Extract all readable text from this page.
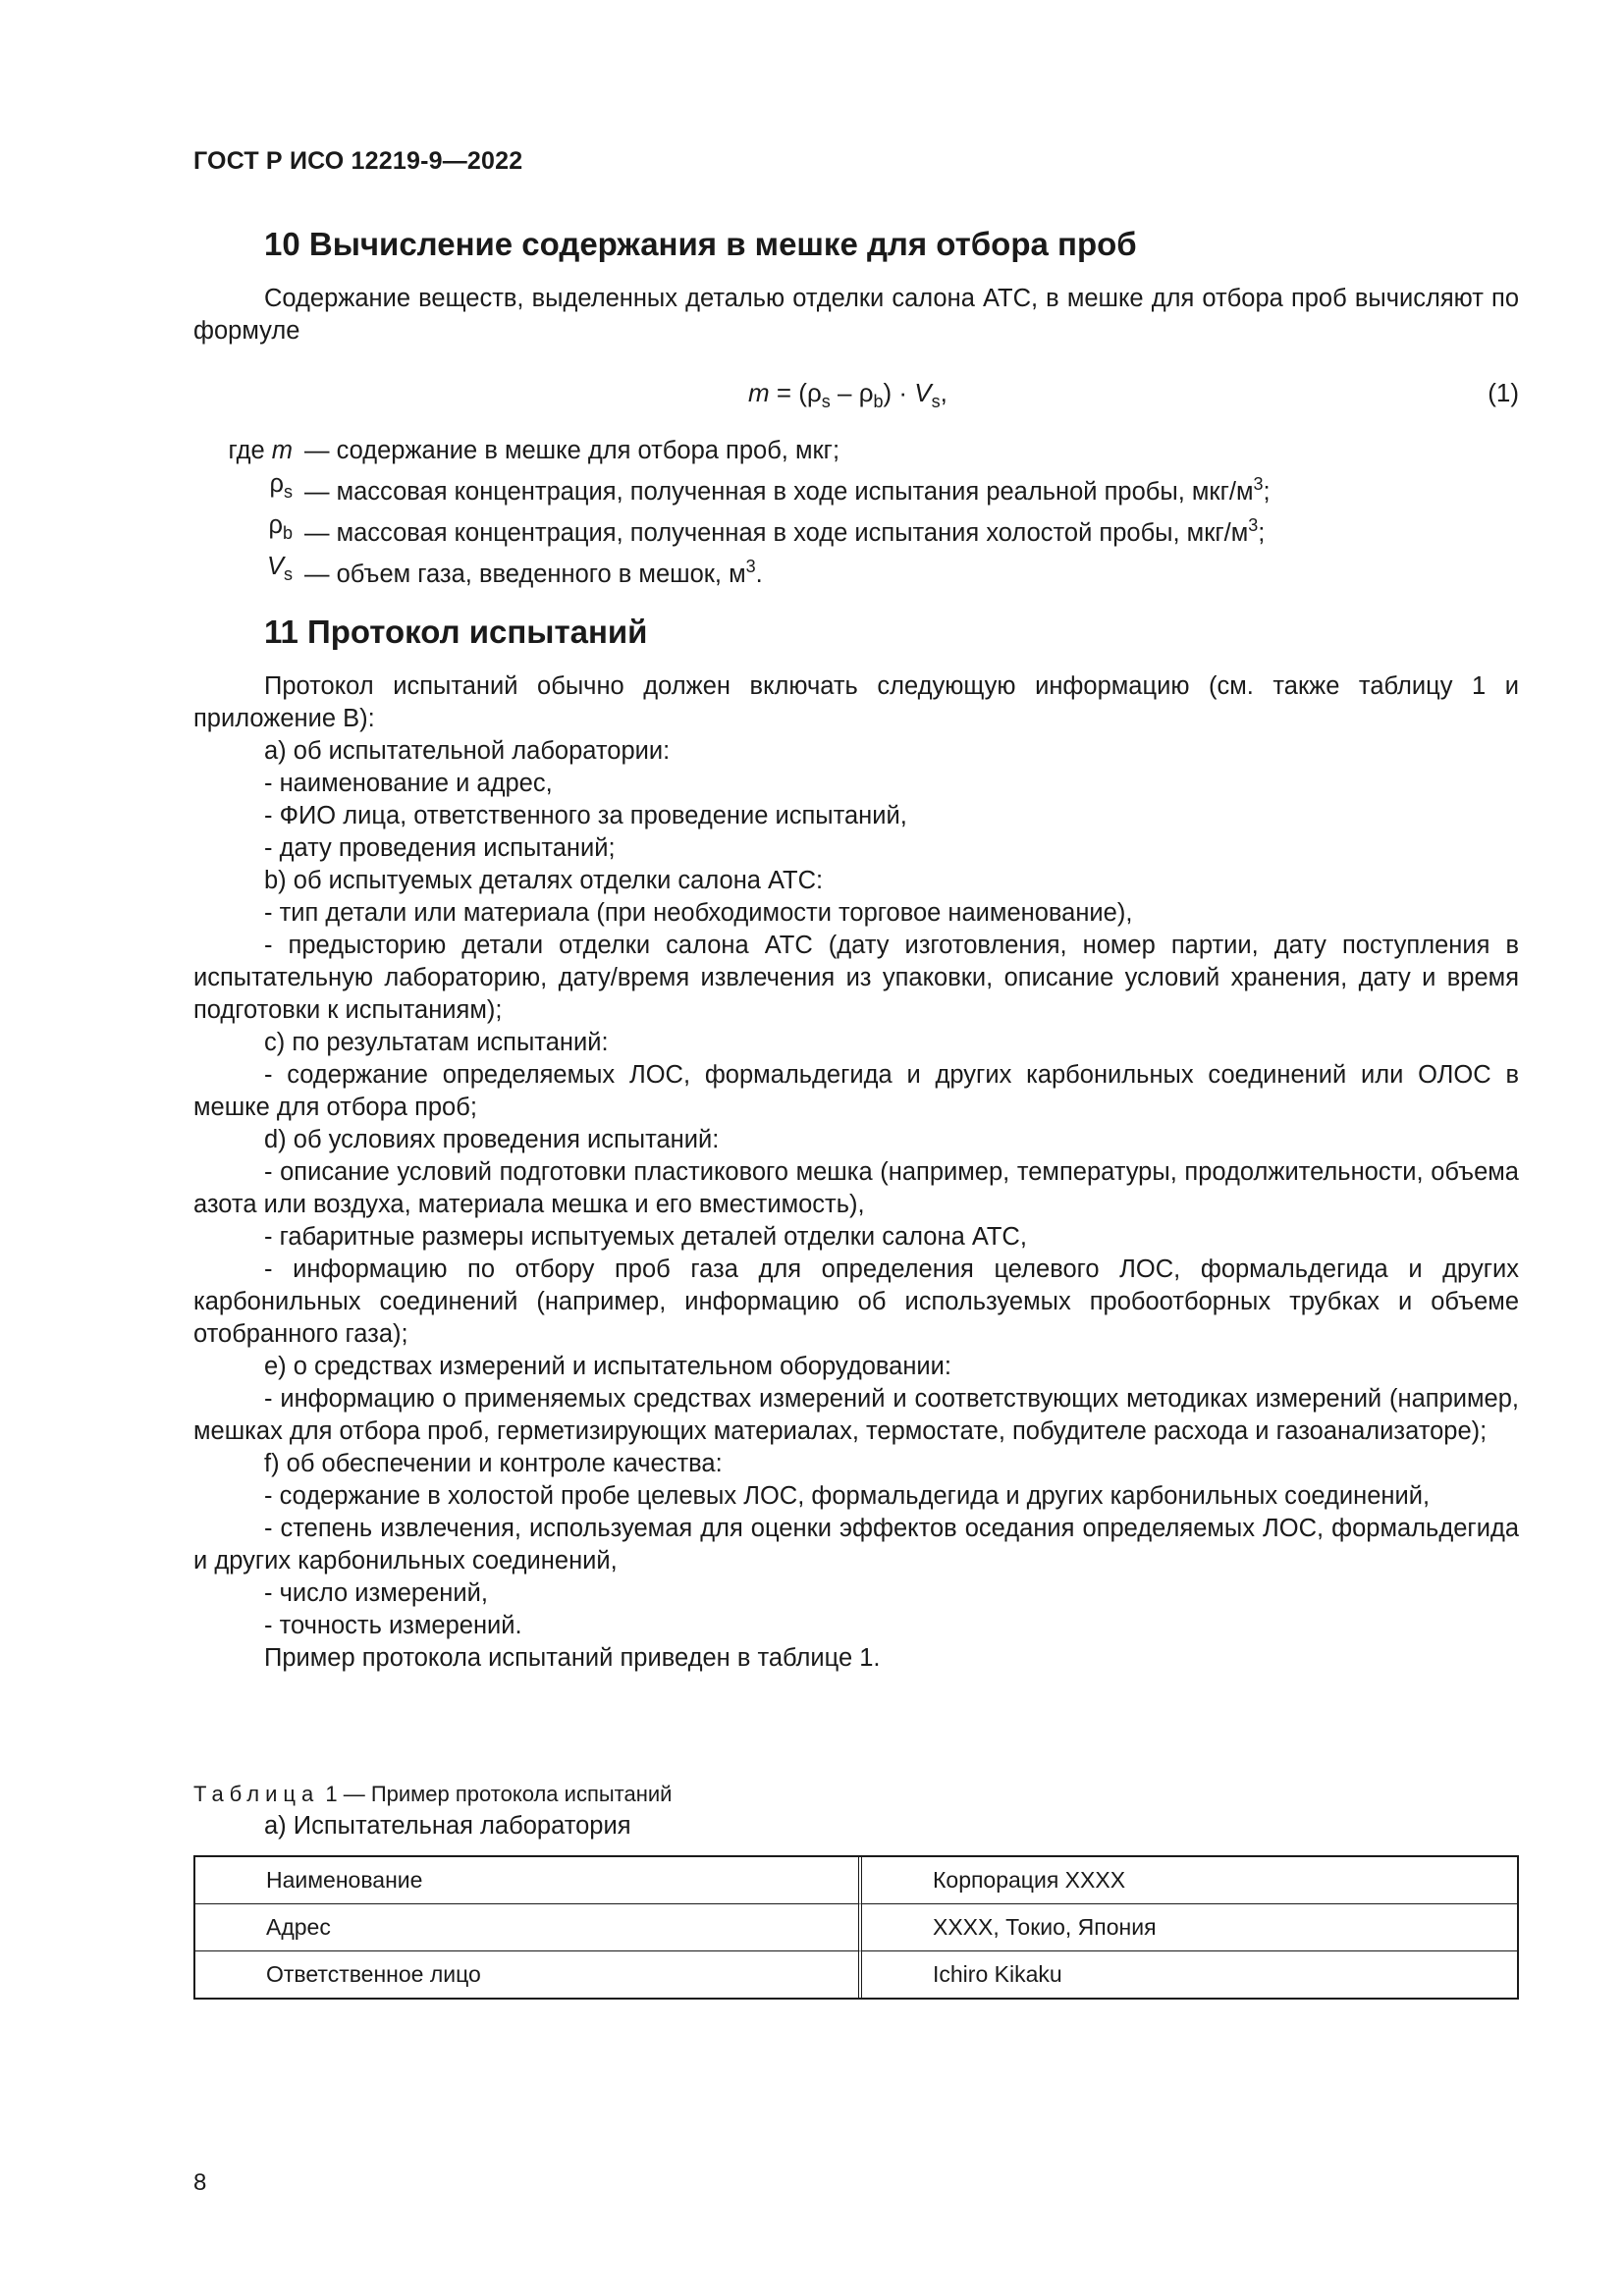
ГОСТ Р ИСО 12219-9—2022
10 Вычисление содержания в мешке для отбора проб
Содержание веществ, выделенных деталью отделки салона АТС, в мешке для отбора проб вычисляют по формуле
$m = (\rho_s - \rho_b) \cdot V_s$,	(1)
где m — содержание в мешке для отбора проб, мкг;
$\rho_s$ — массовая концентрация, полученная в ходе испытания реальной пробы, мкг/$м^3$;
$\rho_b$ — массовая концентрация, полученная в ходе испытания холостой пробы, мкг/$м^3$;
$V_s$ — объем газа, введенного в мешок, $м^3$.
11 Протокол испытаний
Протокол испытаний обычно должен включать следующую информацию (см. также таблицу 1 и приложение В):
a) об испытательной лаборатории:
- наименование и адрес,
- ФИО лица, ответственного за проведение испытаний,
- дату проведения испытаний;
b) об испытуемых деталях отделки салона АТС:
- тип детали или материала (при необходимости торговое наименование),
- предысторию детали отделки салона АТС (дату изготовления, номер партии, дату поступления в испытательную лабораторию, дату/время извлечения из упаковки, описание условий хранения, дату и время подготовки к испытаниям);
c) по результатам испытаний:
- содержание определяемых ЛОС, формальдегида и других карбонильных соединений или ОЛОС в мешке для отбора проб;
d) об условиях проведения испытаний:
- описание условий подготовки пластикового мешка (например, температуры, продолжительности, объема азота или воздуха, материала мешка и его вместимость),
- габаритные размеры испытуемых деталей отделки салона АТС,
- информацию по отбору проб газа для определения целевого ЛОС, формальдегида и других карбонильных соединений (например, информацию об используемых пробоотборных трубках и объеме отобранного газа);
e) о средствах измерений и испытательном оборудовании:
- информацию о применяемых средствах измерений и соответствующих методиках измерений (например, мешках для отбора проб, герметизирующих материалах, термостате, побудителе расхода и газоанализаторе);
f) об обеспечении и контроле качества:
- содержание в холостой пробе целевых ЛОС, формальдегида и других карбонильных соединений,
- степень извлечения, используемая для оценки эффектов оседания определяемых ЛОС, формальдегида и других карбонильных соединений,
- число измерений,
- точность измерений.
Пример протокола испытаний приведен в таблице 1.
Таблица 1 — Пример протокола испытаний
а) Испытательная лаборатория
Наименование	Корпорация XXXX
Адрес	XXXX, Токио, Япония
Ответственное лицо	Ichiro Kikaku
8
